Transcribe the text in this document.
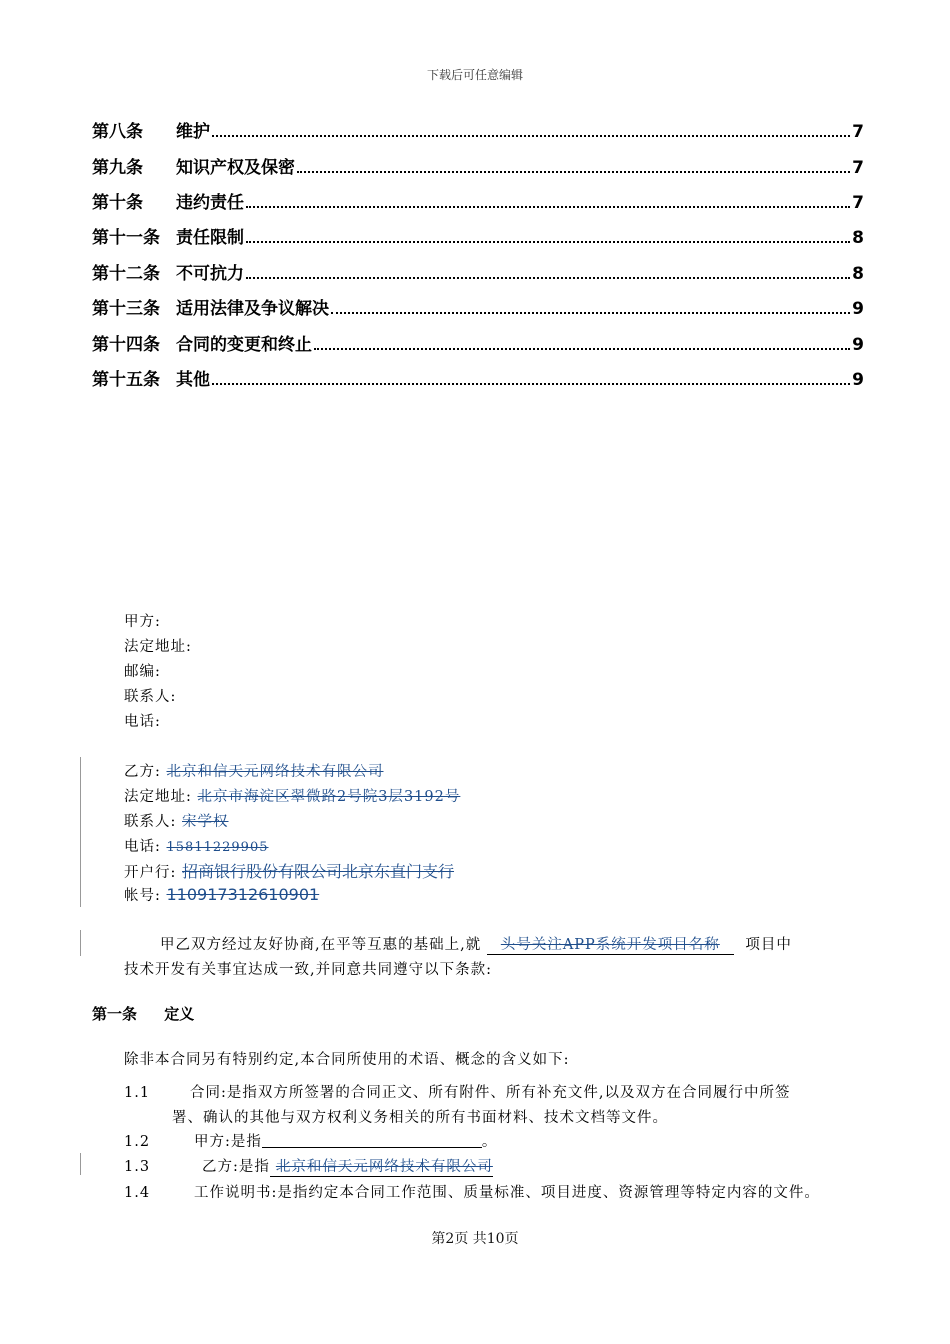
下载后可任意编辑
第八条	维护	7
第九条	知识产权及保密	7
第十条	违约责任	7
第十一条 责任限制	8
第十二条 不可抗力	8
第十三条 适用法律及争议解决	9
第十四条 合同的变更和终止	9
第十五条 其他	9
甲方:
法定地址:
邮编:
联系人:
电话:
乙方: 北京和信天元网络技术有限公司
法定地址: 北京市海淀区翠微路2号院3层3192号
联系人: 宋学权
电话: 15811229905
开户行: 招商银行股份有限公司北京东直门支行
帐号: 110917312610901
甲乙双方经过友好协商,在平等互惠的基础上,就 头号关注APP系统开发项目名称 项目中
技术开发有关事宜达成一致,并同意共同遵守以下条款:
第一条 定义
除非本合同另有特别约定,本合同所使用的术语、概念的含义如下:
1.1	合同:是指双方所签署的合同正文、所有附件、所有补充文件,以及双方在合同履行中所签
署、确认的其他与双方权利义务相关的所有书面材料、技术文档等文件。
1.2	甲方:是指	。
1.3	乙方:是指 北京和信天元网络技术有限公司
1.4	工作说明书:是指约定本合同工作范围、质量标准、项目进度、资源管理等特定内容的文件。
第2页 共10页
